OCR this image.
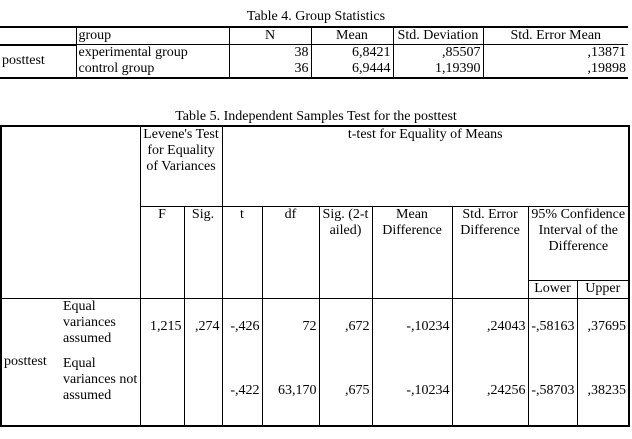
Table 4. Group Statistics
	group	N	Mean	Std. Deviation	Std. Error Mean
posttest	experimental group	38	6,8421	,85507	,13871
	control group	36	6,9444	1,19390	,19898
Table 5. Independent Samples Test for the posttest
		Levene's Test for Equality of Variances		t-test for Equality of Means						
		F	Sig.	t	df	Sig. (2-tailed)	Mean Difference	Std. Error Difference	95% Confidence Interval of the Difference	
									Lower	Upper
posttest	Equal variances assumed	1,215	,274	-,426	72	,672	-,10234	,24043	-,58163	,37695
	Equal variances not assumed			-,422	63,170	,675	-,10234	,24256	-,58703	,38235
